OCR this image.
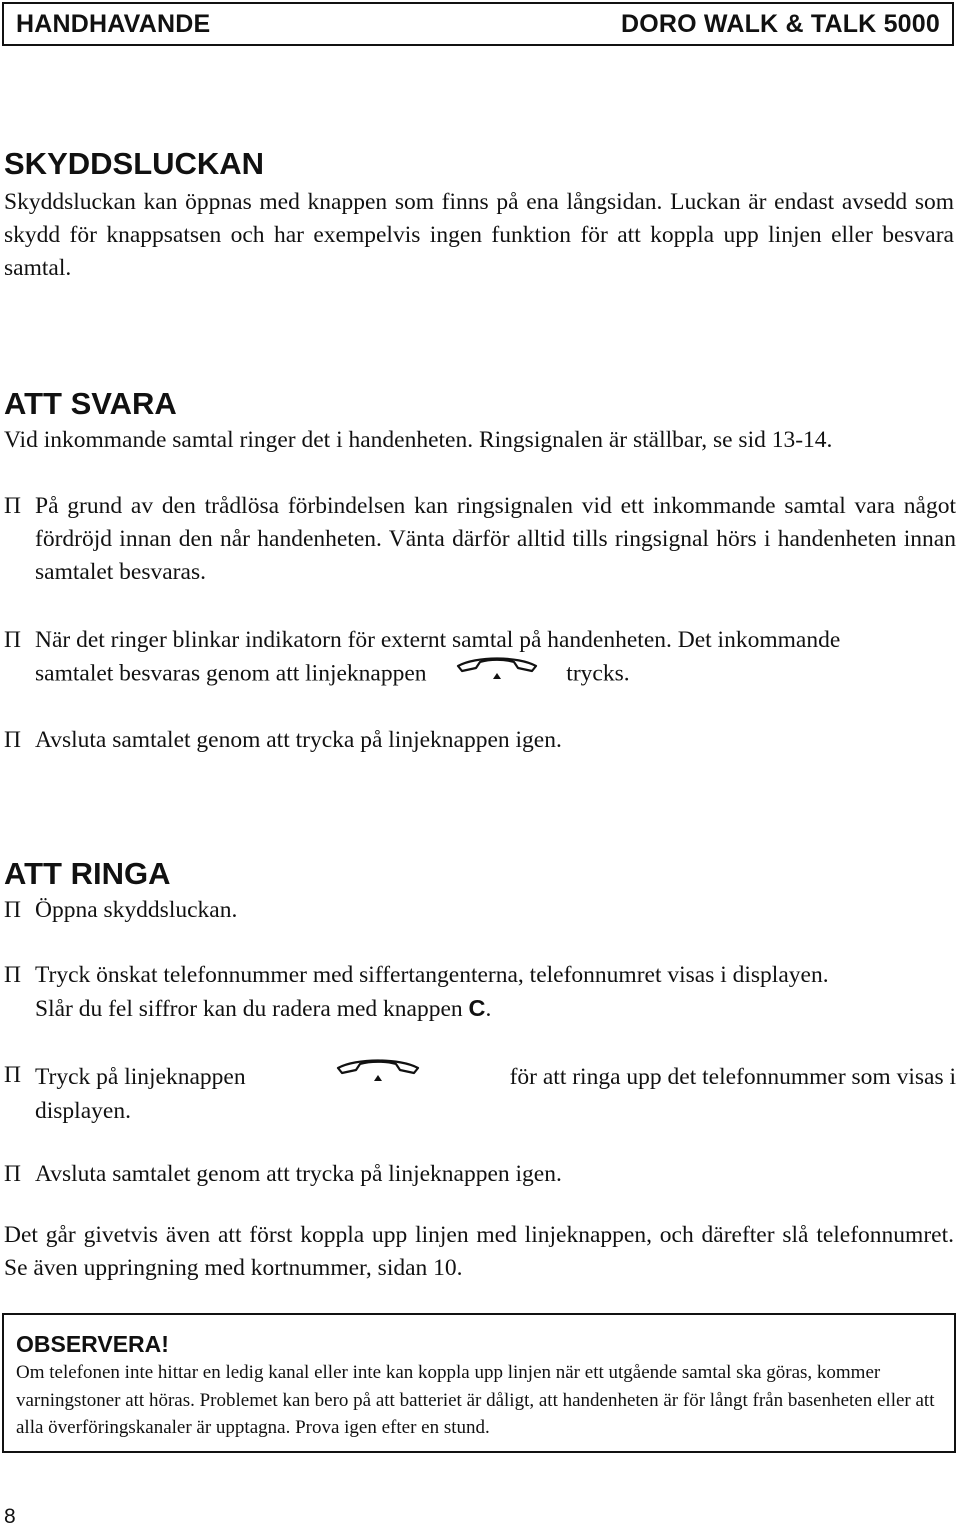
HANDHAVANDE	DORO WALK & TALK 5000
SKYDDSLUCKAN

Skyddsluckan kan öppnas med knappen som finns på ena långsidan. Luckan är endast avsedd som skydd för knappsatsen och har exempelvis ingen funktion för att koppla upp linjen eller besvara samtal.

ATT SVARA

Vid inkommande samtal ringer det i handenheten. Ringsignalen är ställbar, se sid 13-14.

Π På grund av den trådlösa förbindelsen kan ringsignalen vid ett inkommande samtal vara något fördröjd innan den når handenheten. Vänta därför alltid tills ringsignal hörs i handenheten innan samtalet besvaras.
Π När det ringer blinkar indikatorn för externt samtal på handenheten. Det inkommande
samtalet besvaras genom att linjeknappen	trycks.
Π Avsluta samtalet genom att trycka på linjeknappen igen.
ATT RINGA
Π Öppna skyddsluckan.
Π Tryck önskat telefonnummer med siffertangenterna, telefonnumret visas i displayen.
Slår du fel siffror kan du radera med knappen C.
Π Tryck på linjeknappen	för att ringa upp det telefonnummer som visas i
displayen.
Π Avsluta samtalet genom att trycka på linjeknappen igen.

Det går givetvis även att först koppla upp linjen med linjeknappen, och därefter slå telefonnumret. Se även uppringning med kortnummer, sidan 10.

OBSERVERA!

Om telefonen inte hittar en ledig kanal eller inte kan koppla upp linjen när ett utgående samtal ska göras, kommer varningstoner att höras. Problemet kan bero på att batteriet är dåligt, att handenheten är för långt från basenheten eller att alla överföringskanaler är upptagna. Prova igen efter en stund.

8
